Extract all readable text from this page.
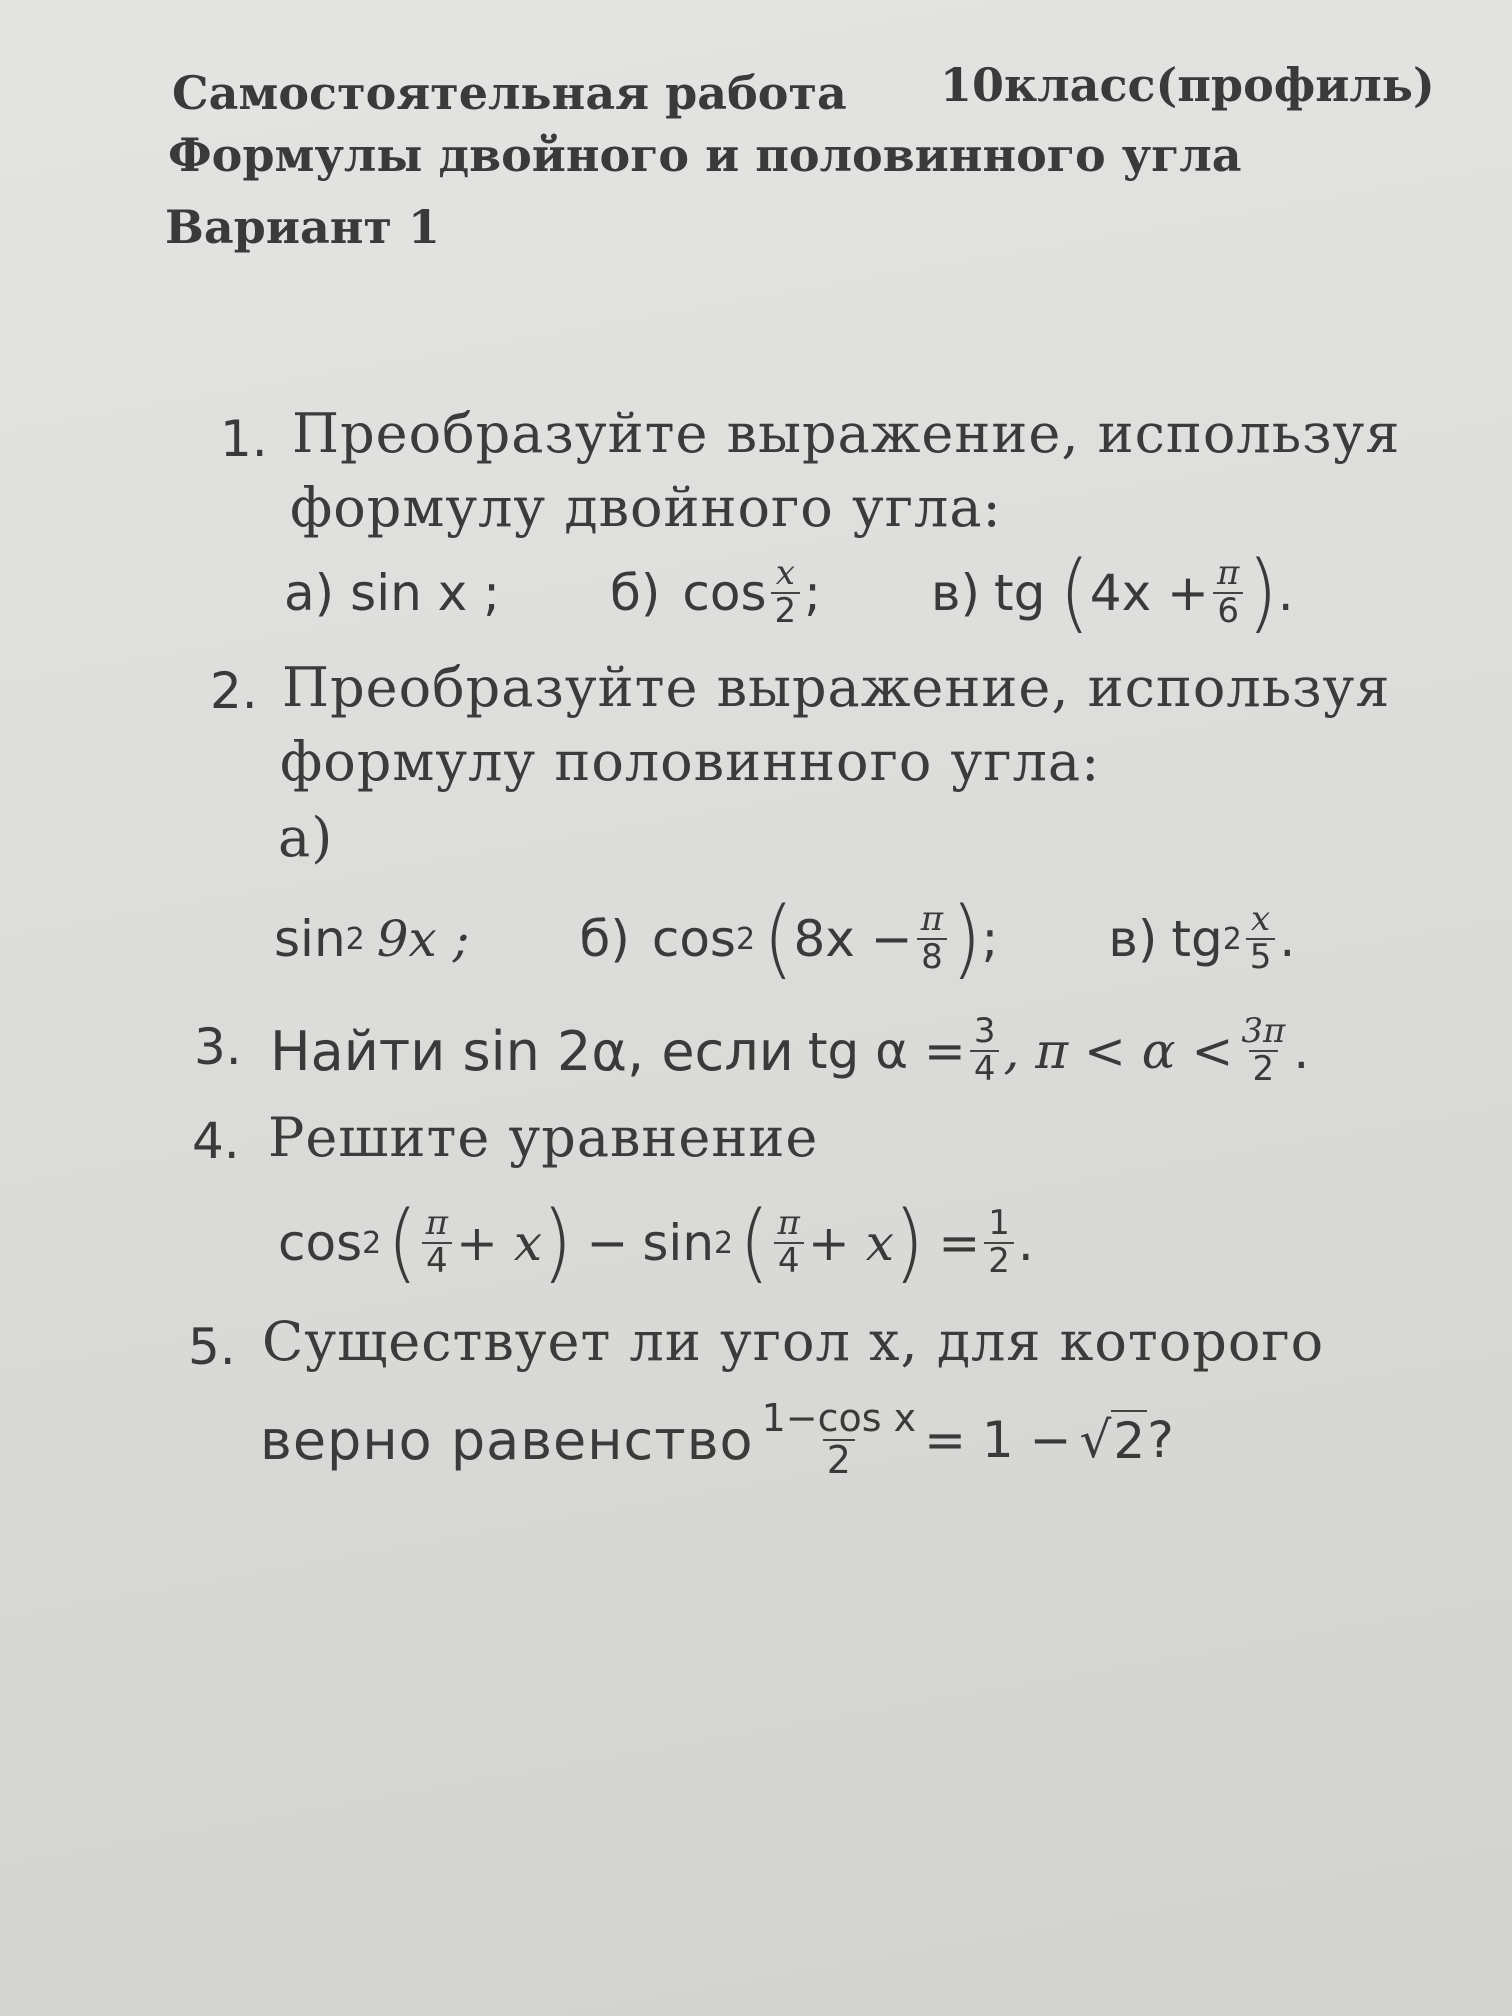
Самостоятельная работа 10класс(профиль)
Формулы двойного и половинного угла
Вариант 1
1. Преобразуйте выражение, используя
формулу двойного угла:
а) sin x ; б) $\cos \frac{x}{2}$ ; в) tg ( $4x + \frac{\pi}{6}$ ) .
2. Преобразуйте выражение, используя
формулу половинного угла:
а)
sin 2 9x ; б) cos 2 ( $8x - \frac{\pi}{8}$ ) ; в) tg $2 \frac{x}{5}$ .
3. Найти sin 2α, если tg $\alpha = \frac{3}{4}$ , $\pi < \alpha < \frac{3\pi}{2}$ .
4. Решите уравнение
cos 2 ( $\frac{\pi}{4} + x$ ) − sin 2 ( $\frac{\pi}{4} + x$ ) = $\frac{1}{2}$ .
5. Существует ли угол x, для которого
верно равенство $\frac{\text{1−cos x}}{2} = 1$ − √ 2 ?
